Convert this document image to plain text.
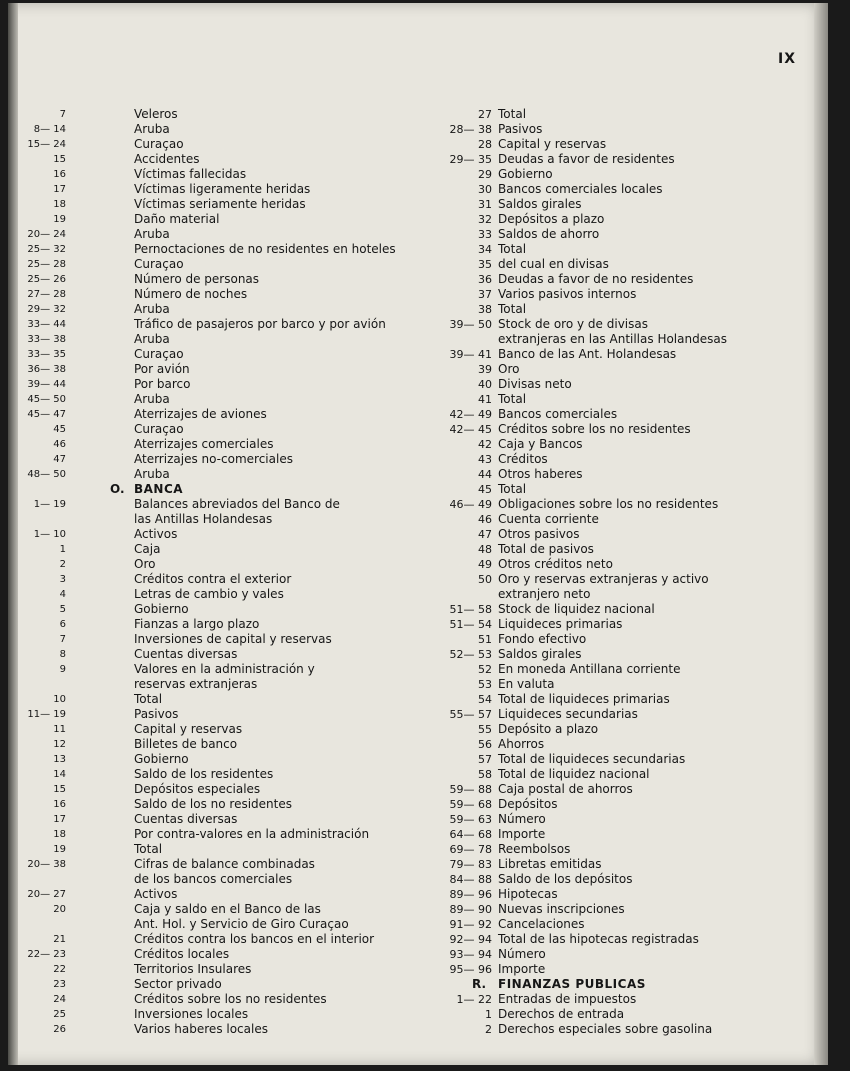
IX
7	Veleros
8— 14	Aruba
15— 24	Curaçao
15	Accidentes
16	Víctimas fallecidas
17	Víctimas ligeramente heridas
18	Víctimas seriamente heridas
19	Daño material
20— 24	Aruba
25— 32	Pernoctaciones de no residentes en hoteles
25— 28	Curaçao
25— 26	Número de personas
27— 28	Número de noches
29— 32	Aruba
33— 44	Tráfico de pasajeros por barco y por avión
33— 38	Aruba
33— 35	Curaçao
36— 38	Por avión
39— 44	Por barco
45— 50	Aruba
45— 47	Aterrizajes de aviones
45	Curaçao
46	Aterrizajes comerciales
47	Aterrizajes no-comerciales
48— 50	Aruba
O. BANCA
1— 19	Balances abreviados del Banco de
las Antillas Holandesas
1— 10	Activos
1	Caja
2	Oro
3	Créditos contra el exterior
4	Letras de cambio y vales
5	Gobierno
6	Fianzas a largo plazo
7	Inversiones de capital y reservas
8	Cuentas diversas
9	Valores en la administración y
reservas extranjeras
10	Total
11— 19	Pasivos
11	Capital y reservas
12	Billetes de banco
13	Gobierno
14	Saldo de los residentes
15	Depósitos especiales
16	Saldo de los no residentes
17	Cuentas diversas
18	Por contra-valores en la administración
19	Total
20— 38	Cifras de balance combinadas
de los bancos comerciales
20— 27	Activos
20	Caja y saldo en el Banco de las
Ant. Hol. y Servicio de Giro Curaçao
21	Créditos contra los bancos en el interior
22— 23	Créditos locales
22	Territorios Insulares
23	Sector privado
24	Créditos sobre los no residentes
25	Inversiones locales
26	Varios haberes locales
27 Total
28— 38 Pasivos
28 Capital y reservas
29— 35 Deudas a favor de residentes
29 Gobierno
30 Bancos comerciales locales
31 Saldos girales
32 Depósitos a plazo
33 Saldos de ahorro
34 Total
35 del cual en divisas
36 Deudas a favor de no residentes
37 Varios pasivos internos
38 Total
39— 50 Stock de oro y de divisas
extranjeras en las Antillas Holandesas
39— 41 Banco de las Ant. Holandesas
39 Oro
40 Divisas neto
41 Total
42— 49 Bancos comerciales
42— 45 Créditos sobre los no residentes
42 Caja y Bancos
43 Créditos
44 Otros haberes
45 Total
46— 49 Obligaciones sobre los no residentes
46 Cuenta corriente
47 Otros pasivos
48 Total de pasivos
49 Otros créditos neto
50 Oro y reservas extranjeras y activo
extranjero neto
51— 58 Stock de liquidez nacional
51— 54 Liquideces primarias
51 Fondo efectivo
52— 53 Saldos girales
52 En moneda Antillana corriente
53 En valuta
54 Total de liquideces primarias
55— 57 Liquideces secundarias
55 Depósito a plazo
56 Ahorros
57 Total de liquideces secundarias
58 Total de liquidez nacional
59— 88 Caja postal de ahorros
59— 68 Depósitos
59— 63 Número
64— 68 Importe
69— 78 Reembolsos
79— 83 Libretas emitidas
84— 88 Saldo de los depósitos
89— 96 Hipotecas
89— 90 Nuevas inscripciones
91— 92 Cancelaciones
92— 94 Total de las hipotecas registradas
93— 94 Número
95— 96 Importe
R. FINANZAS PUBLICAS
1— 22 Entradas de impuestos
1 Derechos de entrada
2 Derechos especiales sobre gasolina
